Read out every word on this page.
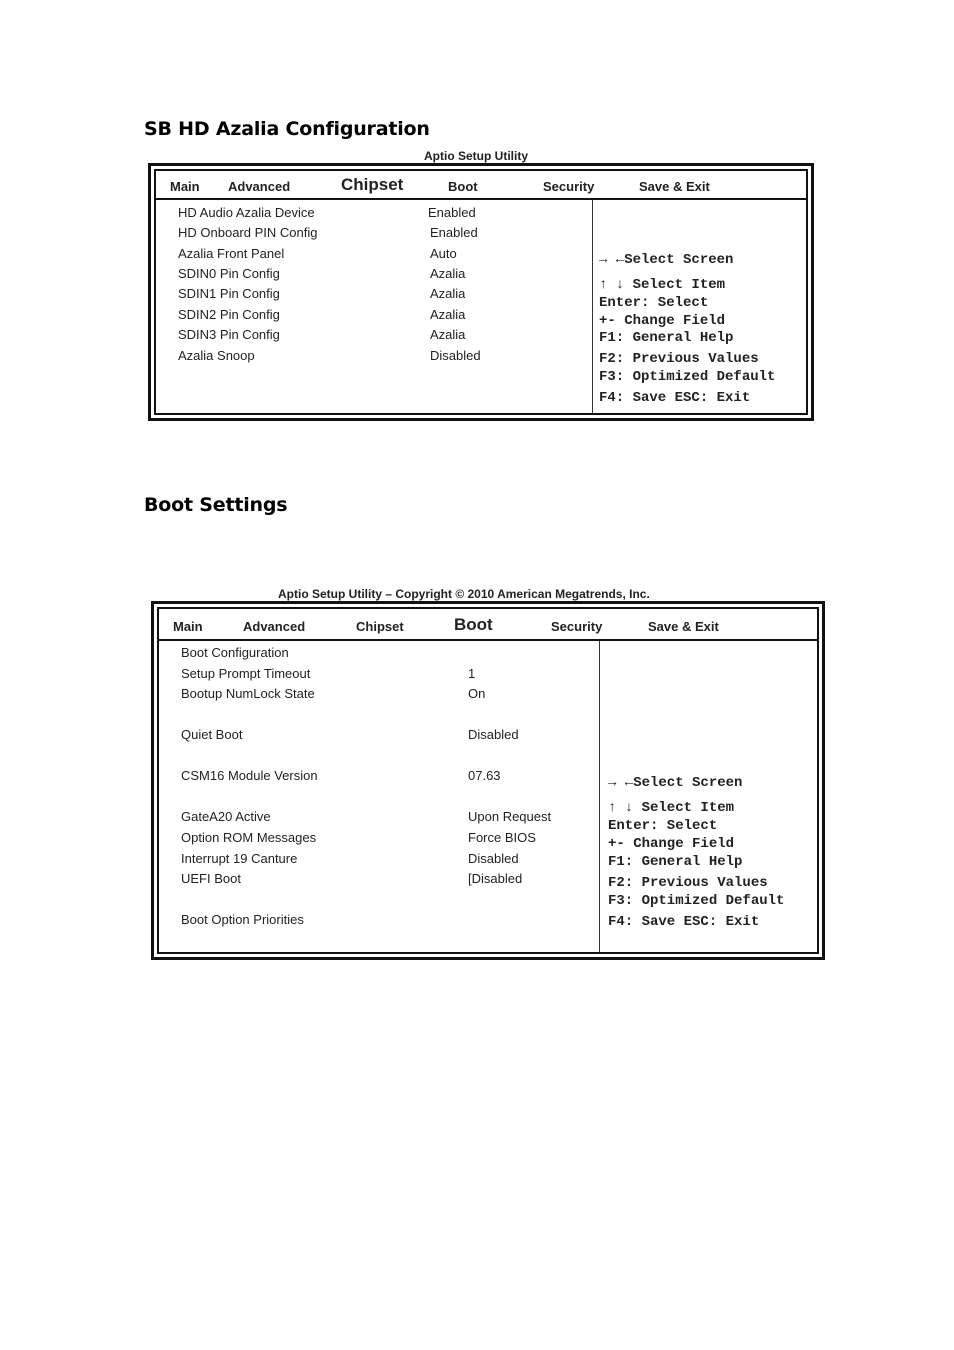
SB HD Azalia Configuration
Aptio Setup Utility
Main Advanced	Chipset	Boot	Security	Save & Exit
HD Audio Azalia Device	Enabled
HD Onboard PIN Config	Enabled
Azalia Front Panel	Auto
SDIN0 Pin Config	Azalia
SDIN1 Pin Config	Azalia
SDIN2 Pin Config	Azalia
SDIN3 Pin Config	Azalia
Azalia Snoop	Disabled
→ ←Select Screen
↑ ↓ Select Item
Enter: Select
+- Change Field
F1: General Help
F2: Previous Values
F3: Optimized Default
F4: Save ESC: Exit
Boot Settings
Aptio Setup Utility – Copyright © 2010 American Megatrends, Inc.
Main	Advanced	Chipset	Boot	Security	Save & Exit
Boot Configuration
Setup Prompt Timeout	1
Bootup NumLock State	On
Quiet Boot	Disabled
CSM16 Module Version	07.63
GateA20 Active	Upon Request
Option ROM Messages	Force BIOS
Interrupt 19 Canture	Disabled
UEFI Boot	[Disabled
Boot Option Priorities
→ ←Select Screen
↑ ↓ Select Item
Enter: Select
+- Change Field
F1: General Help
F2: Previous Values
F3: Optimized Default
F4: Save ESC: Exit
